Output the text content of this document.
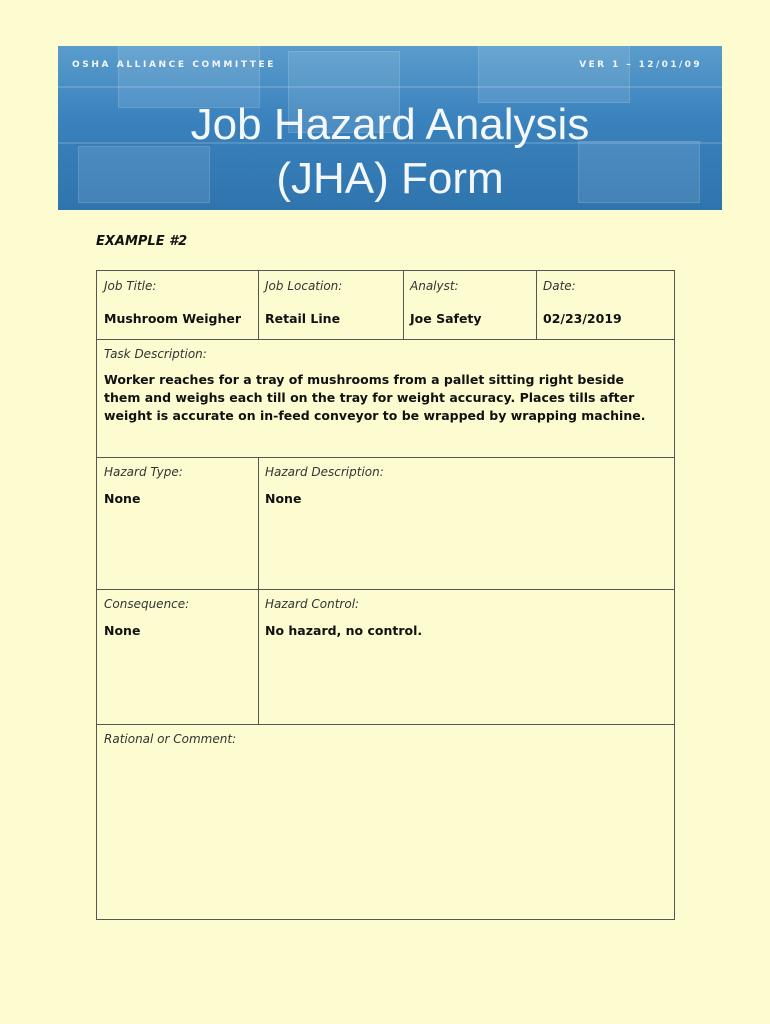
OSHA ALLIANCE COMMITTEE	VER 1 – 12/01/09
Job Hazard Analysis
(JHA) Form
EXAMPLE #2
Job Title:
Mushroom Weigher
Job Location:
Retail Line
Analyst:
Joe Safety
Date:
02/23/2019
Task Description:
Worker reaches for a tray of mushrooms from a pallet sitting right beside them and weighs each till on the tray for weight accuracy. Places tills after weight is accurate on in-feed conveyor to be wrapped by wrapping machine.
Hazard Type:
None
Hazard Description:
None
Consequence:
None
Hazard Control:
No hazard, no control.
Rational or Comment:
